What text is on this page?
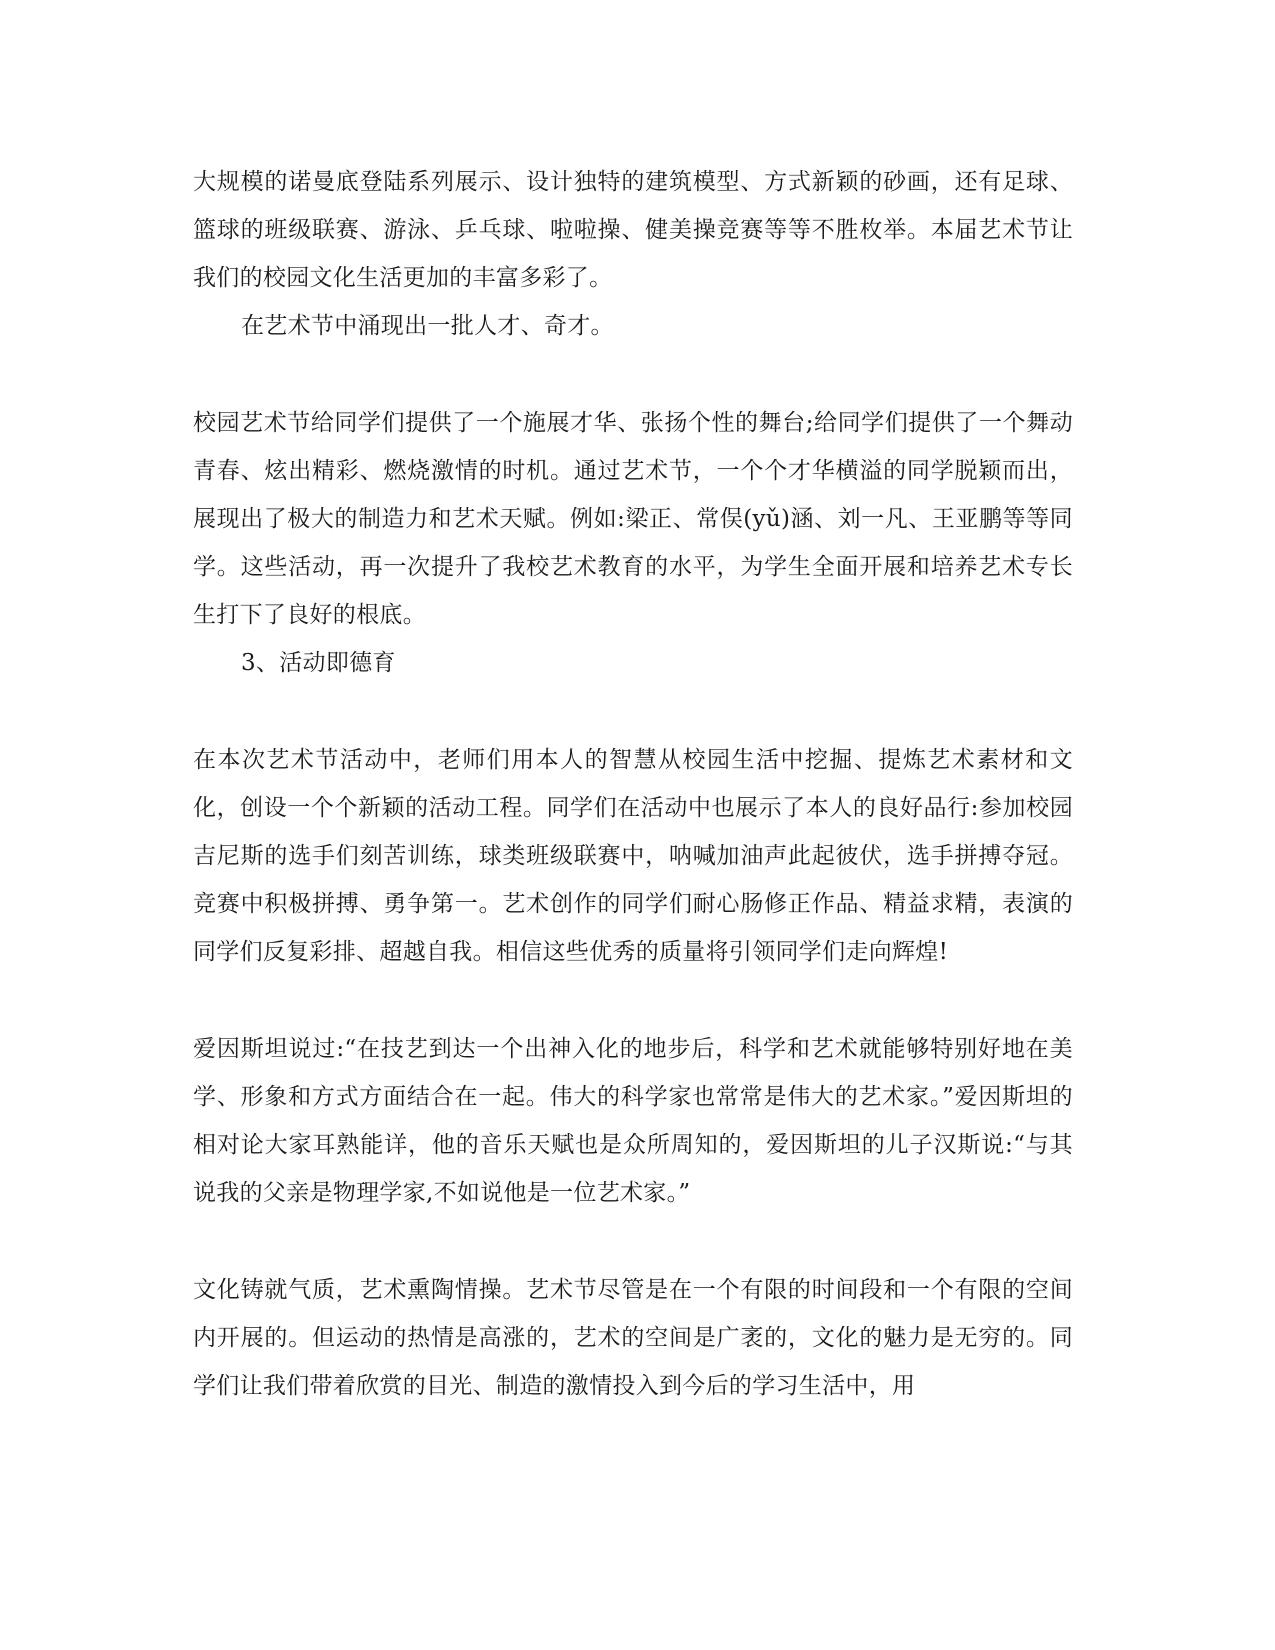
大规模的诺曼底登陆系列展示、设计独特的建筑模型、方式新颖的砂画，还有足球、篮球的班级联赛、游泳、乒乓球、啦啦操、健美操竞赛等等不胜枚举。本届艺术节让我们的校园文化生活更加的丰富多彩了。

在艺术节中涌现出一批人才、奇才。

校园艺术节给同学们提供了一个施展才华、张扬个性的舞台;给同学们提供了一个舞动青春、炫出精彩、燃烧激情的时机。通过艺术节，一个个才华横溢的同学脱颖而出，展现出了极大的制造力和艺术天赋。例如:梁正、常俣(yǔ)涵、刘一凡、王亚鹏等等同学。这些活动，再一次提升了我校艺术教育的水平，为学生全面开展和培养艺术专长生打下了良好的根底。

3、活动即德育

在本次艺术节活动中，老师们用本人的智慧从校园生活中挖掘、提炼艺术素材和文化，创设一个个新颖的活动工程。同学们在活动中也展示了本人的良好品行:参加校园吉尼斯的选手们刻苦训练，球类班级联赛中，呐喊加油声此起彼伏，选手拼搏夺冠。竞赛中积极拼搏、勇争第一。艺术创作的同学们耐心肠修正作品、精益求精，表演的同学们反复彩排、超越自我。相信这些优秀的质量将引领同学们走向辉煌!

爱因斯坦说过:“在技艺到达一个出神入化的地步后，科学和艺术就能够特别好地在美学、形象和方式方面结合在一起。伟大的科学家也常常是伟大的艺术家。”爱因斯坦的相对论大家耳熟能详，他的音乐天赋也是众所周知的，爱因斯坦的儿子汉斯说:“与其说我的父亲是物理学家,不如说他是一位艺术家。”

文化铸就气质，艺术熏陶情操。艺术节尽管是在一个有限的时间段和一个有限的空间内开展的。但运动的热情是高涨的，艺术的空间是广袤的，文化的魅力是无穷的。同学们让我们带着欣赏的目光、制造的激情投入到今后的学习生活中，用
